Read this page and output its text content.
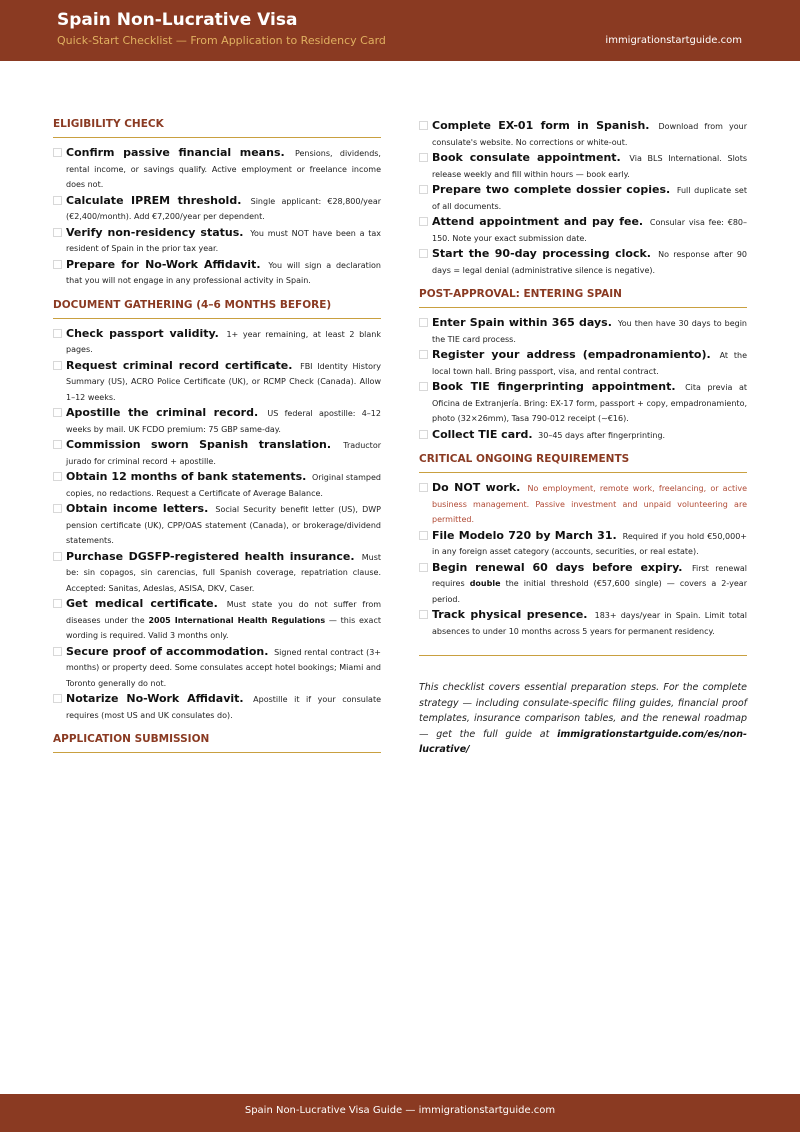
Spain Non-Lucrative Visa
Quick-Start Checklist — From Application to Residency Card	immigrationstartguide.com
ELIGIBILITY CHECK
Confirm passive financial means. Pensions, dividends, rental income, or savings qualify. Active employment or freelance income does not.
Calculate IPREM threshold. Single applicant: €28,800/year (€2,400/month). Add €7,200/year per dependent.
Verify non-residency status. You must NOT have been a tax resident of Spain in the prior tax year.
Prepare for No-Work Affidavit. You will sign a declaration that you will not engage in any professional activity in Spain.
DOCUMENT GATHERING (4–6 MONTHS BEFORE)
Check passport validity. 1+ year remaining, at least 2 blank pages.
Request criminal record certificate. FBI Identity History Summary (US), ACRO Police Certificate (UK), or RCMP Check (Canada). Allow 1–12 weeks.
Apostille the criminal record. US federal apostille: 4–12 weeks by mail. UK FCDO premium: 75 GBP same-day.
Commission sworn Spanish translation. Traductor jurado for criminal record + apostille.
Obtain 12 months of bank statements. Original stamped copies, no redactions. Request a Certificate of Average Balance.
Obtain income letters. Social Security benefit letter (US), DWP pension certificate (UK), CPP/OAS statement (Canada), or brokerage/dividend statements.
Purchase DGSFP-registered health insurance. Must be: sin copagos, sin carencias, full Spanish coverage, repatriation clause. Accepted: Sanitas, Adeslas, ASISA, DKV, Caser.
Get medical certificate. Must state you do not suffer from diseases under the 2005 International Health Regulations — this exact wording is required. Valid 3 months only.
Secure proof of accommodation. Signed rental contract (3+ months) or property deed. Some consulates accept hotel bookings; Miami and Toronto generally do not.
Notarize No-Work Affidavit. Apostille it if your consulate requires (most US and UK consulates do).
APPLICATION SUBMISSION
Complete EX-01 form in Spanish. Download from your consulate's website. No corrections or white-out.
Book consulate appointment. Via BLS International. Slots release weekly and fill within hours — book early.
Prepare two complete dossier copies. Full duplicate set of all documents.
Attend appointment and pay fee. Consular visa fee: €80–150. Note your exact submission date.
Start the 90-day processing clock. No response after 90 days = legal denial (administrative silence is negative).
POST-APPROVAL: ENTERING SPAIN
Enter Spain within 365 days. You then have 30 days to begin the TIE card process.
Register your address (empadronamiento). At the local town hall. Bring passport, visa, and rental contract.
Book TIE fingerprinting appointment. Cita previa at Oficina de Extranjería. Bring: EX-17 form, passport + copy, empadronamiento, photo (32×26mm), Tasa 790-012 receipt (~€16).
Collect TIE card. 30–45 days after fingerprinting.
CRITICAL ONGOING REQUIREMENTS
Do NOT work. No employment, remote work, freelancing, or active business management. Passive investment and unpaid volunteering are permitted.
File Modelo 720 by March 31. Required if you hold €50,000+ in any foreign asset category (accounts, securities, or real estate).
Begin renewal 60 days before expiry. First renewal requires double the initial threshold (€57,600 single) — covers a 2-year period.
Track physical presence. 183+ days/year in Spain. Limit total absences to under 10 months across 5 years for permanent residency.
This checklist covers essential preparation steps. For the complete strategy — including consulate-specific filing guides, financial proof templates, insurance comparison tables, and the renewal roadmap — get the full guide at immigrationstartguide.com/es/non-lucrative/
Spain Non-Lucrative Visa Guide — immigrationstartguide.com
